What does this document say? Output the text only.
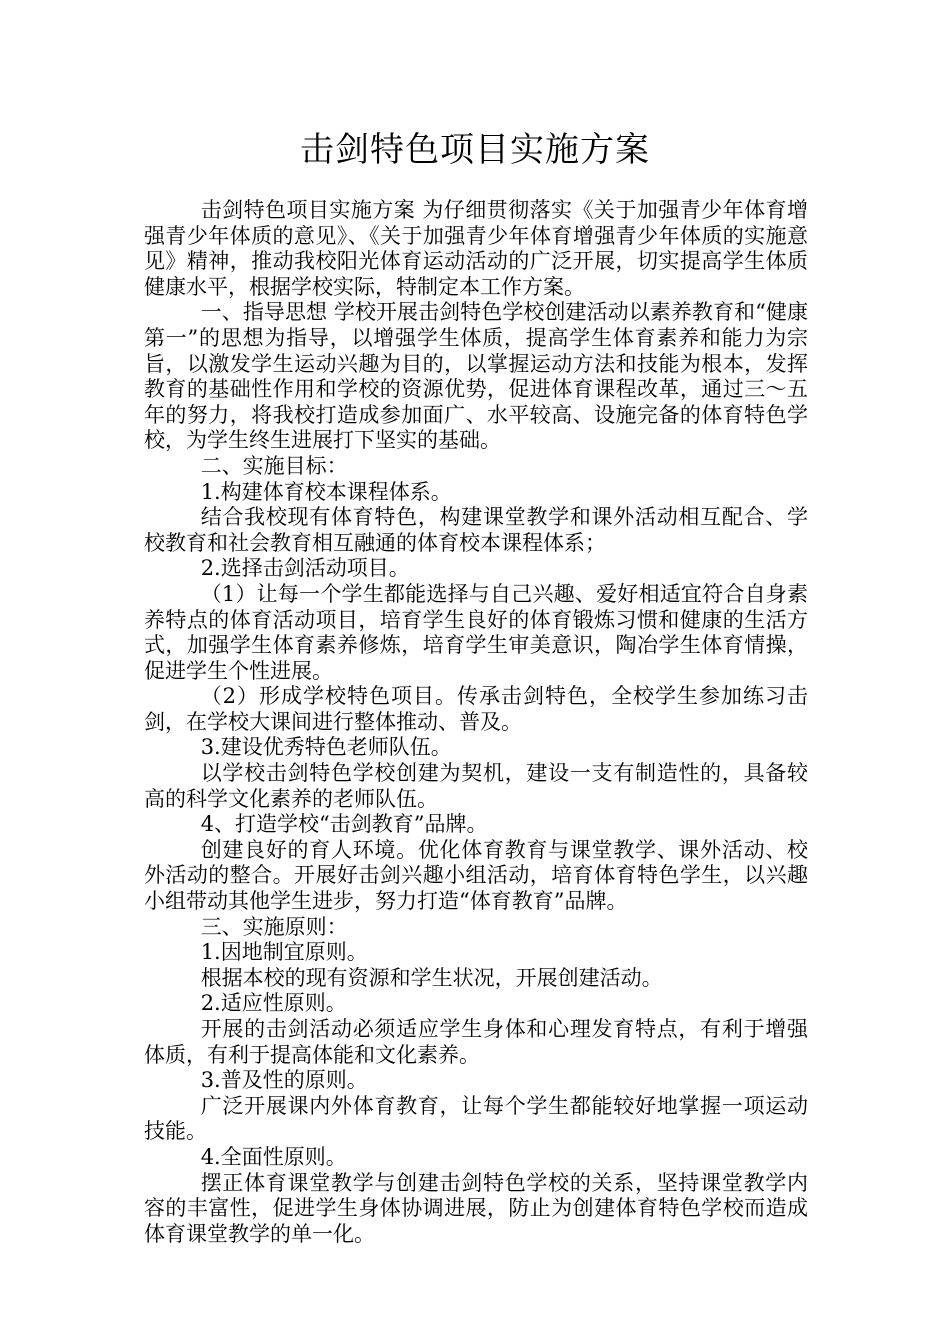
击剑特色项目实施方案

击剑特色项目实施方案 为仔细贯彻落实《关于加强青少年体育增强青少年体质的意见》、《关于加强青少年体育增强青少年体质的实施意见》精神，推动我校阳光体育运动活动的广泛开展，切实提高学生体质健康水平，根据学校实际，特制定本工作方案。

一、指导思想 学校开展击剑特色学校创建活动以素养教育和“健康第一”的思想为指导，以增强学生体质，提高学生体育素养和能力为宗旨，以激发学生运动兴趣为目的，以掌握运动方法和技能为根本，发挥教育的基础性作用和学校的资源优势，促进体育课程改革，通过三～五年的努力，将我校打造成参加面广、水平较高、设施完备的体育特色学校，为学生终生进展打下坚实的基础。

二、实施目标：

1.构建体育校本课程体系。

结合我校现有体育特色，构建课堂教学和课外活动相互配合、学校教育和社会教育相互融通的体育校本课程体系；

2.选择击剑活动项目。

（1）让每一个学生都能选择与自己兴趣、爱好相适宜符合自身素养特点的体育活动项目，培育学生良好的体育锻炼习惯和健康的生活方式，加强学生体育素养修炼，培育学生审美意识，陶冶学生体育情操，促进学生个性进展。

（2）形成学校特色项目。传承击剑特色，全校学生参加练习击剑，在学校大课间进行整体推动、普及。

3.建设优秀特色老师队伍。

以学校击剑特色学校创建为契机，建设一支有制造性的，具备较高的科学文化素养的老师队伍。

4、打造学校“击剑教育”品牌。

创建良好的育人环境。优化体育教育与课堂教学、课外活动、校外活动的整合。开展好击剑兴趣小组活动，培育体育特色学生，以兴趣小组带动其他学生进步，努力打造“体育教育”品牌。

三、实施原则：

1.因地制宜原则。

根据本校的现有资源和学生状况，开展创建活动。

2.适应性原则。

开展的击剑活动必须适应学生身体和心理发育特点，有利于增强体质，有利于提高体能和文化素养。

3.普及性的原则。

广泛开展课内外体育教育，让每个学生都能较好地掌握一项运动技能。

4.全面性原则。

摆正体育课堂教学与创建击剑特色学校的关系，坚持课堂教学内容的丰富性，促进学生身体协调进展，防止为创建体育特色学校而造成体育课堂教学的单一化。
